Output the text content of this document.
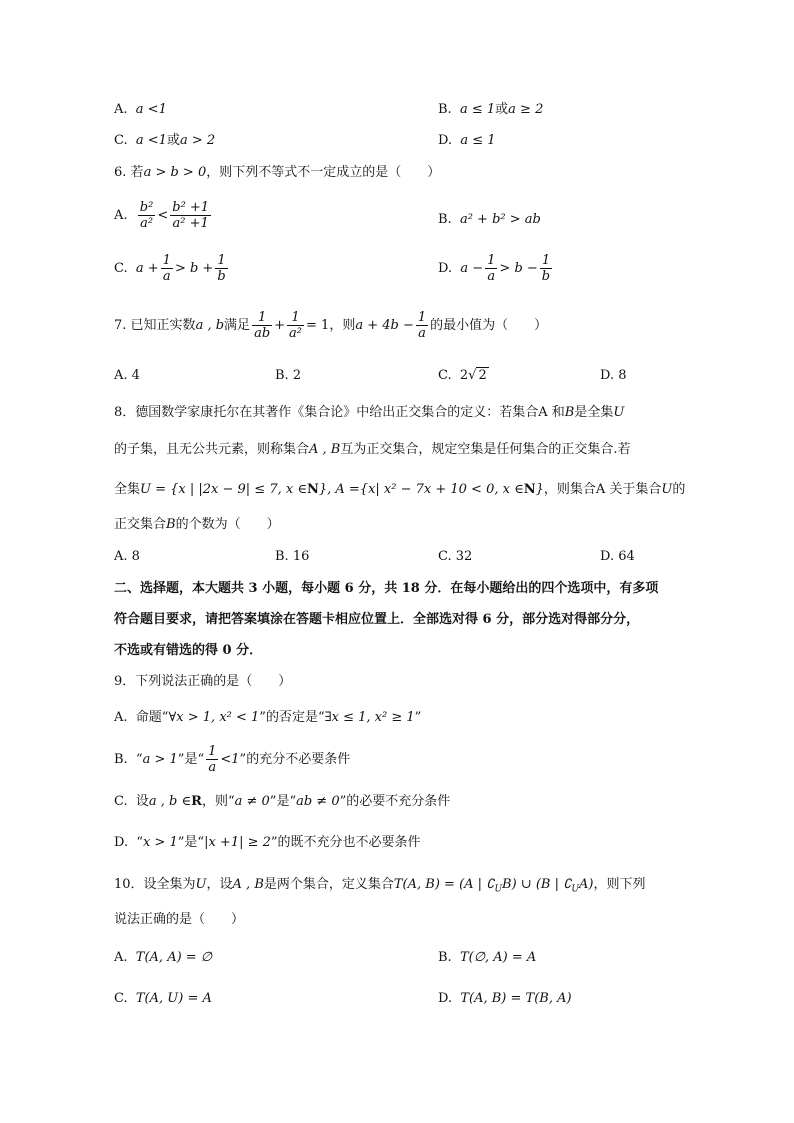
A. a <1	B. a ≤ 1或a ≥ 2
C. a <1或a > 2	D. a ≤ 1
6. 若a > b > 0，则下列不等式不一定成立的是（　　）
A. $\frac{\text{b²}}{\text{a²}} < \frac{\text{b² +1}}{\text{a² +1}}$	B. a² + b² > ab
C. $a + \frac{1}{a} > b + \frac{1}{b}$	D. $a - \frac{1}{a} > b - \frac{1}{b}$
7. 已知正实数a , b满足 $\frac{1}{ab} + \frac{1}{\text{a²}} = 1$，则$a + 4b - \frac{1}{a}$ 的最小值为（　　）
A. 4	B. 2	C. 2√ 2	D. 8
8．德国数学家康托尔在其著作《集合论》中给出正交集合的定义：若集合A 和B是全集U
的子集，且无公共元素，则称集合A , B互为正交集合，规定空集是任何集合的正交集合.若
全集U = {x | |2x − 9| ≤ 7, x ∈N}, A ={x| x² − 7x + 10 < 0, x ∈N}，则集合A 关于集合U的
正交集合B的个数为（　　）
A. 8	B. 16	C. 32	D. 64
二、选择题，本大题共 3 小题，每小题 6 分，共 18 分．在每小题给出的四个选项中，有多项
符合题目要求，请把答案填涂在答题卡相应位置上．全部选对得 6 分，部分选对得部分分，
不选或有错选的得 0 分．
9．下列说法正确的是（　　）
A. 命题“∀x > 1, x² < 1”的否定是“∃x ≤ 1, x² ≥ 1”
B. “a > 1”是“ $\frac{1}{a} <1$”的充分不必要条件
C. 设a , b ∈R，则“a ≠ 0”是“ab ≠ 0”的必要不充分条件
D. “x > 1”是“|x +1| ≥ 2”的既不充分也不必要条件
10．设全集为U，设A , B是两个集合，定义集合T(A, B) = (A | $∁_UB$) ∪ (B | $∁_UA$)，则下列
说法正确的是（　　）
A. T(A, A) = ∅	B. T(∅, A) = A
C. T(A, U) = A	D. T(A, B) = T(B, A)
